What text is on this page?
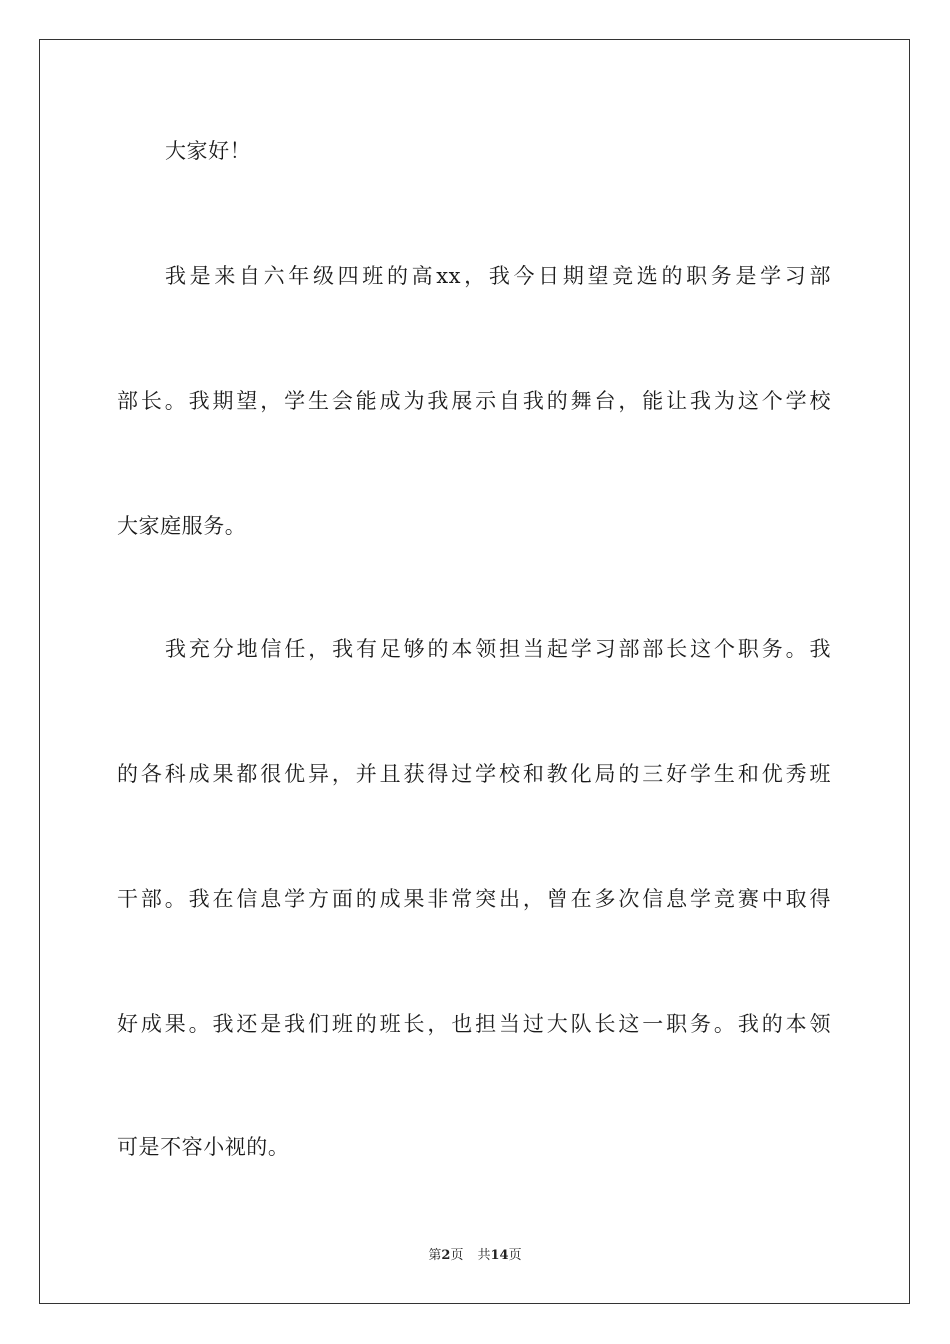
大家好！
我是来自六年级四班的高xx，我今日期望竞选的职务是学习部
部长。我期望，学生会能成为我展示自我的舞台，能让我为这个学校
大家庭服务。
我充分地信任，我有足够的本领担当起学习部部长这个职务。我
的各科成果都很优异，并且获得过学校和教化局的三好学生和优秀班
干部。我在信息学方面的成果非常突出，曾在多次信息学竞赛中取得
好成果。我还是我们班的班长，也担当过大队长这一职务。我的本领
可是不容小视的。
第2页 共14页
